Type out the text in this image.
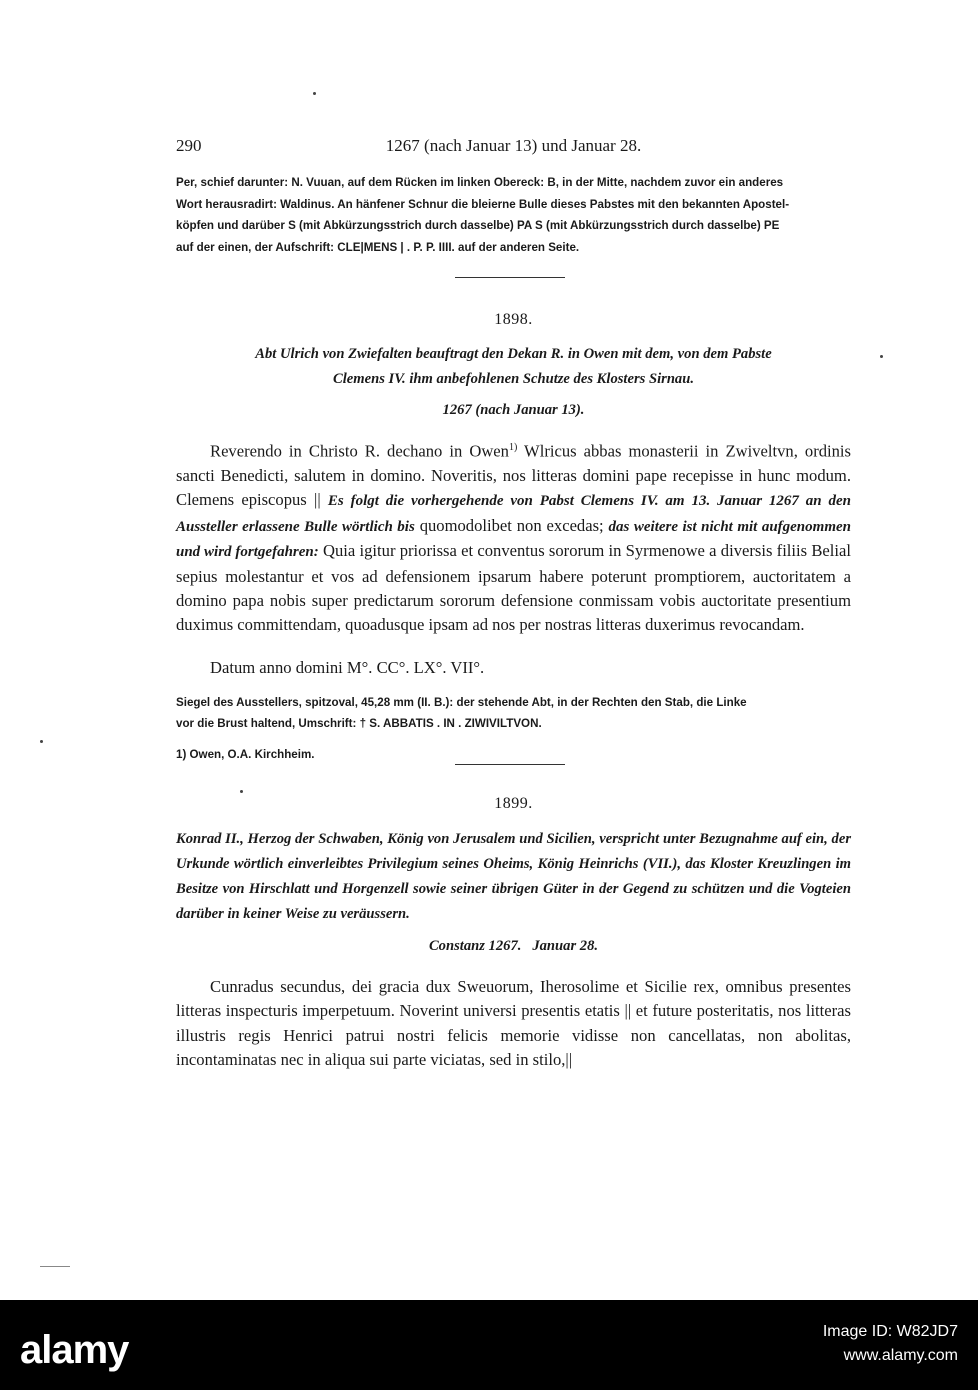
290	1267 (nach Januar 13) und Januar 28.

Per, schief darunter: N. Vuuan, auf dem Rücken im linken Obereck: B, in der Mitte, nachdem zuvor ein anderes

Wort herausradirt: Waldinus. An hänfener Schnur die bleierne Bulle dieses Pabstes mit den bekannten Apostel-

köpfen und darüber S (mit Abkürzungsstrich durch dasselbe) PA S (mit Abkürzungsstrich durch dasselbe) PE

auf der einen, der Aufschrift: CLE|MENS | . P. P. IIII. auf der anderen Seite.

1898.
Abt Ulrich von Zwiefalten beauftragt den Dekan R. in Owen mit dem, von dem Pabste
Clemens IV. ihm anbefohlenen Schutze des Klosters Sirnau.
1267 (nach Januar 13).

Reverendo in Christo R. dechano in Owen$^{1)}$ Wlricus abbas monasterii in Zwiveltvn, ordinis sancti Benedicti, salutem in domino. Noveritis, nos litteras domini pape recepisse in hunc modum. Clemens episcopus || Es folgt die vorhergehende von Pabst Clemens IV. am 13. Januar 1267 an den Aussteller erlassene Bulle wörtlich bis quomodolibet non excedas; das weitere ist nicht mit aufgenommen und wird fortgefahren: Quia igitur priorissa et conventus sororum in Syrmenowe a diversis filiis Belial sepius molestantur et vos ad defensionem ipsarum habere poterunt promptiorem, auctoritatem a domino papa nobis super predictarum sororum defensione conmissam vobis auctoritate presentium duximus committendam, quoadusque ipsam ad nos per nostras litteras duxerimus revocandam.

Datum anno domini M°. CC°. LX°. VII°.
Siegel des Ausstellers, spitzoval, 45,28 mm (II. B.): der stehende Abt, in der Rechten den Stab, die Linke
vor die Brust haltend, Umschrift: † S. ABBATIS . IN . ZIWIVILTVON.
1) Owen, O.A. Kirchheim.
1899.
Konrad II., Herzog der Schwaben, König von Jerusalem und Sicilien, verspricht unter Bezugnahme auf ein, der Urkunde wörtlich einverleibtes Privilegium seines Oheims, König Heinrichs (VII.), das Kloster Kreuzlingen im Besitze von Hirschlatt und Horgenzell sowie seiner übrigen Güter in der Gegend zu schützen und die Vogteien darüber in keiner Weise zu veräussern.
Constanz 1267.   Januar 28.

Cunradus secundus, dei gracia dux Sweuorum, Iherosolime et Sicilie rex, omnibus presentes litteras inspecturis imperpetuum. Noverint universi presentis etatis || et future posteritatis, nos litteras illustris regis Henrici patrui nostri felicis memorie vidisse non cancellatas, non abolitas, incontaminatas nec in aliqua sui parte viciatas, sed in stilo,||

alamy	Image ID: W82JD7
www.alamy.com
